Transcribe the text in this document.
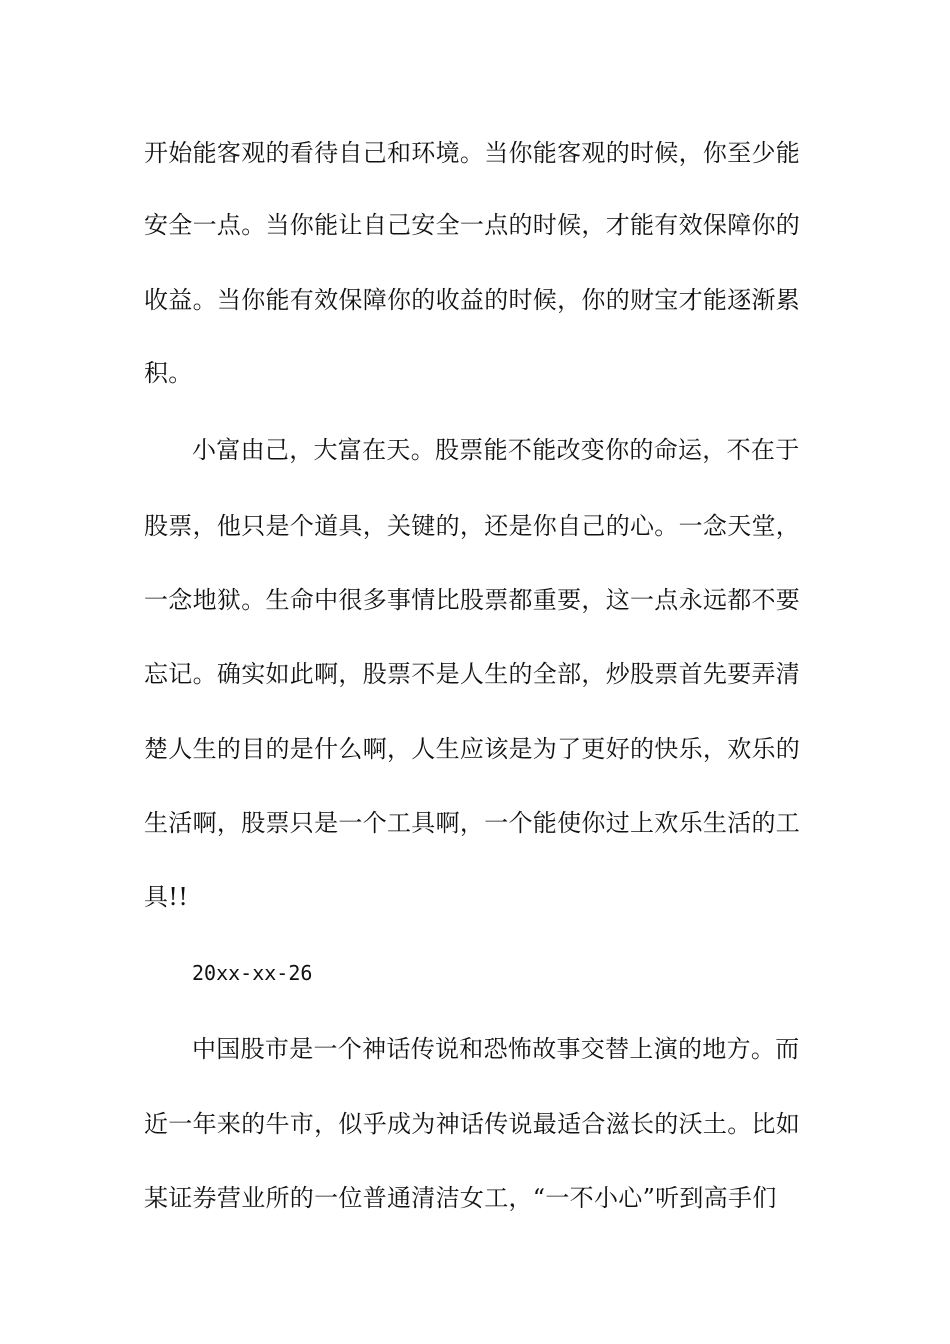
开始能客观的看待自己和环境。当你能客观的时候，你至少能
安全一点。当你能让自己安全一点的时候，才能有效保障你的
收益。当你能有效保障你的收益的时候，你的财宝才能逐渐累
积。
小富由己，大富在天。股票能不能改变你的命运，不在于
股票，他只是个道具，关键的，还是你自己的心。一念天堂，
一念地狱。生命中很多事情比股票都重要，这一点永远都不要
忘记。确实如此啊，股票不是人生的全部，炒股票首先要弄清
楚人生的目的是什么啊，人生应该是为了更好的快乐，欢乐的
生活啊，股票只是一个工具啊，一个能使你过上欢乐生活的工
具!!
20xx-xx-26
中国股市是一个神话传说和恐怖故事交替上演的地方。而
近一年来的牛市，似乎成为神话传说最适合滋长的沃土。比如
某证券营业所的一位普通清洁女工，“一不小心”听到高手们
